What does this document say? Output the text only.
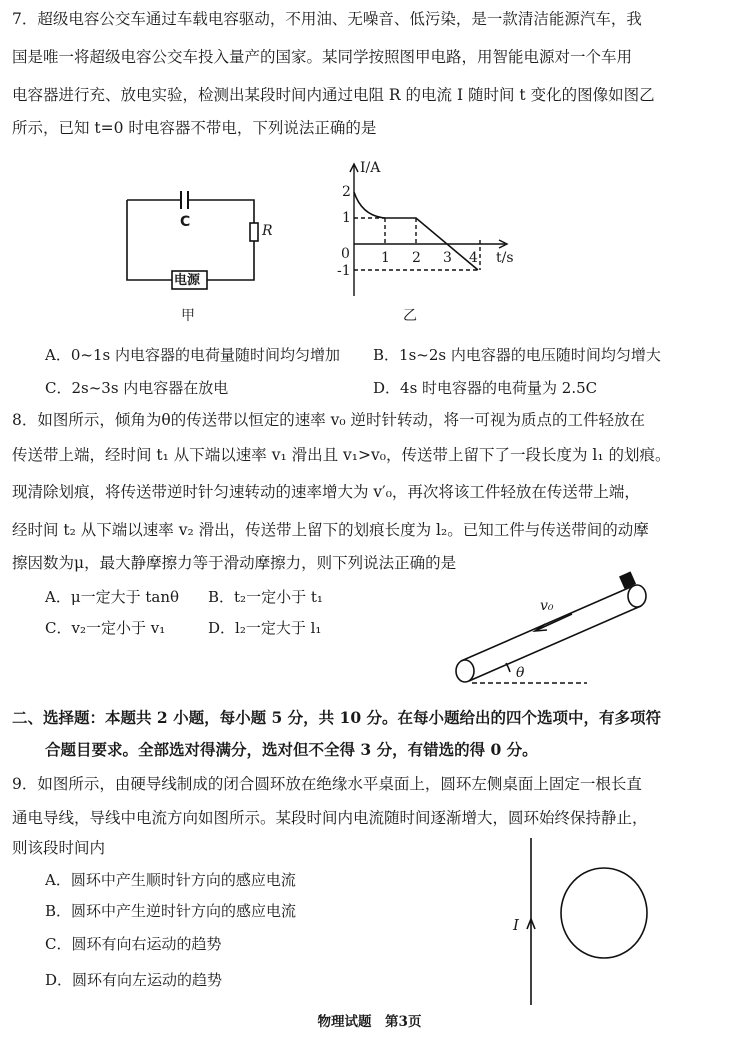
7．超级电容公交车通过车载电容驱动，不用油、无噪音、低污染，是一款清洁能源汽车，我
国是唯一将超级电容公交车投入量产的国家。某同学按照图甲电路，用智能电源对一个车用
电容器进行充、放电实验，检测出某段时间内通过电阻 R 的电流 I 随时间 t 变化的图像如图乙
所示，已知 t=0 时电容器不带电，下列说法正确的是
C
R
电源
甲
I/A
t/s
0
2
1
-1
1 2 3 4
乙
A．0~1s 内电容器的电荷量随时间均匀增加 B．1s~2s 内电容器的电压随时间均匀增大
C．2s~3s 内电容器在放电	D．4s 时电容器的电荷量为 2.5C
8．如图所示，倾角为θ的传送带以恒定的速率 v₀ 逆时针转动，将一可视为质点的工件轻放在
传送带上端，经时间 t₁ 从下端以速率 v₁ 滑出且 v₁>v₀，传送带上留下了一段长度为 l₁ 的划痕。
现清除划痕，将传送带逆时针匀速转动的速率增大为 v′₀，再次将该工件轻放在传送带上端，
经时间 t₂ 从下端以速率 v₂ 滑出，传送带上留下的划痕长度为 l₂。已知工件与传送带间的动摩
擦因数为μ，最大静摩擦力等于滑动摩擦力，则下列说法正确的是
A．μ一定大于 tanθ B．t₂一定小于 t₁
C．v₂一定小于 v₁	D．l₂一定大于 l₁
v₀
θ
二、选择题：本题共 2 小题，每小题 5 分，共 10 分。在每小题给出的四个选项中，有多项符
合题目要求。全部选对得满分，选对但不全得 3 分，有错选的得 0 分。
9．如图所示，由硬导线制成的闭合圆环放在绝缘水平桌面上，圆环左侧桌面上固定一根长直
通电导线，导线中电流方向如图所示。某段时间内电流随时间逐渐增大，圆环始终保持静止，
则该段时间内
A．圆环中产生顺时针方向的感应电流
B．圆环中产生逆时针方向的感应电流
C．圆环有向右运动的趋势
D．圆环有向左运动的趋势
I
物理试题　第3页
